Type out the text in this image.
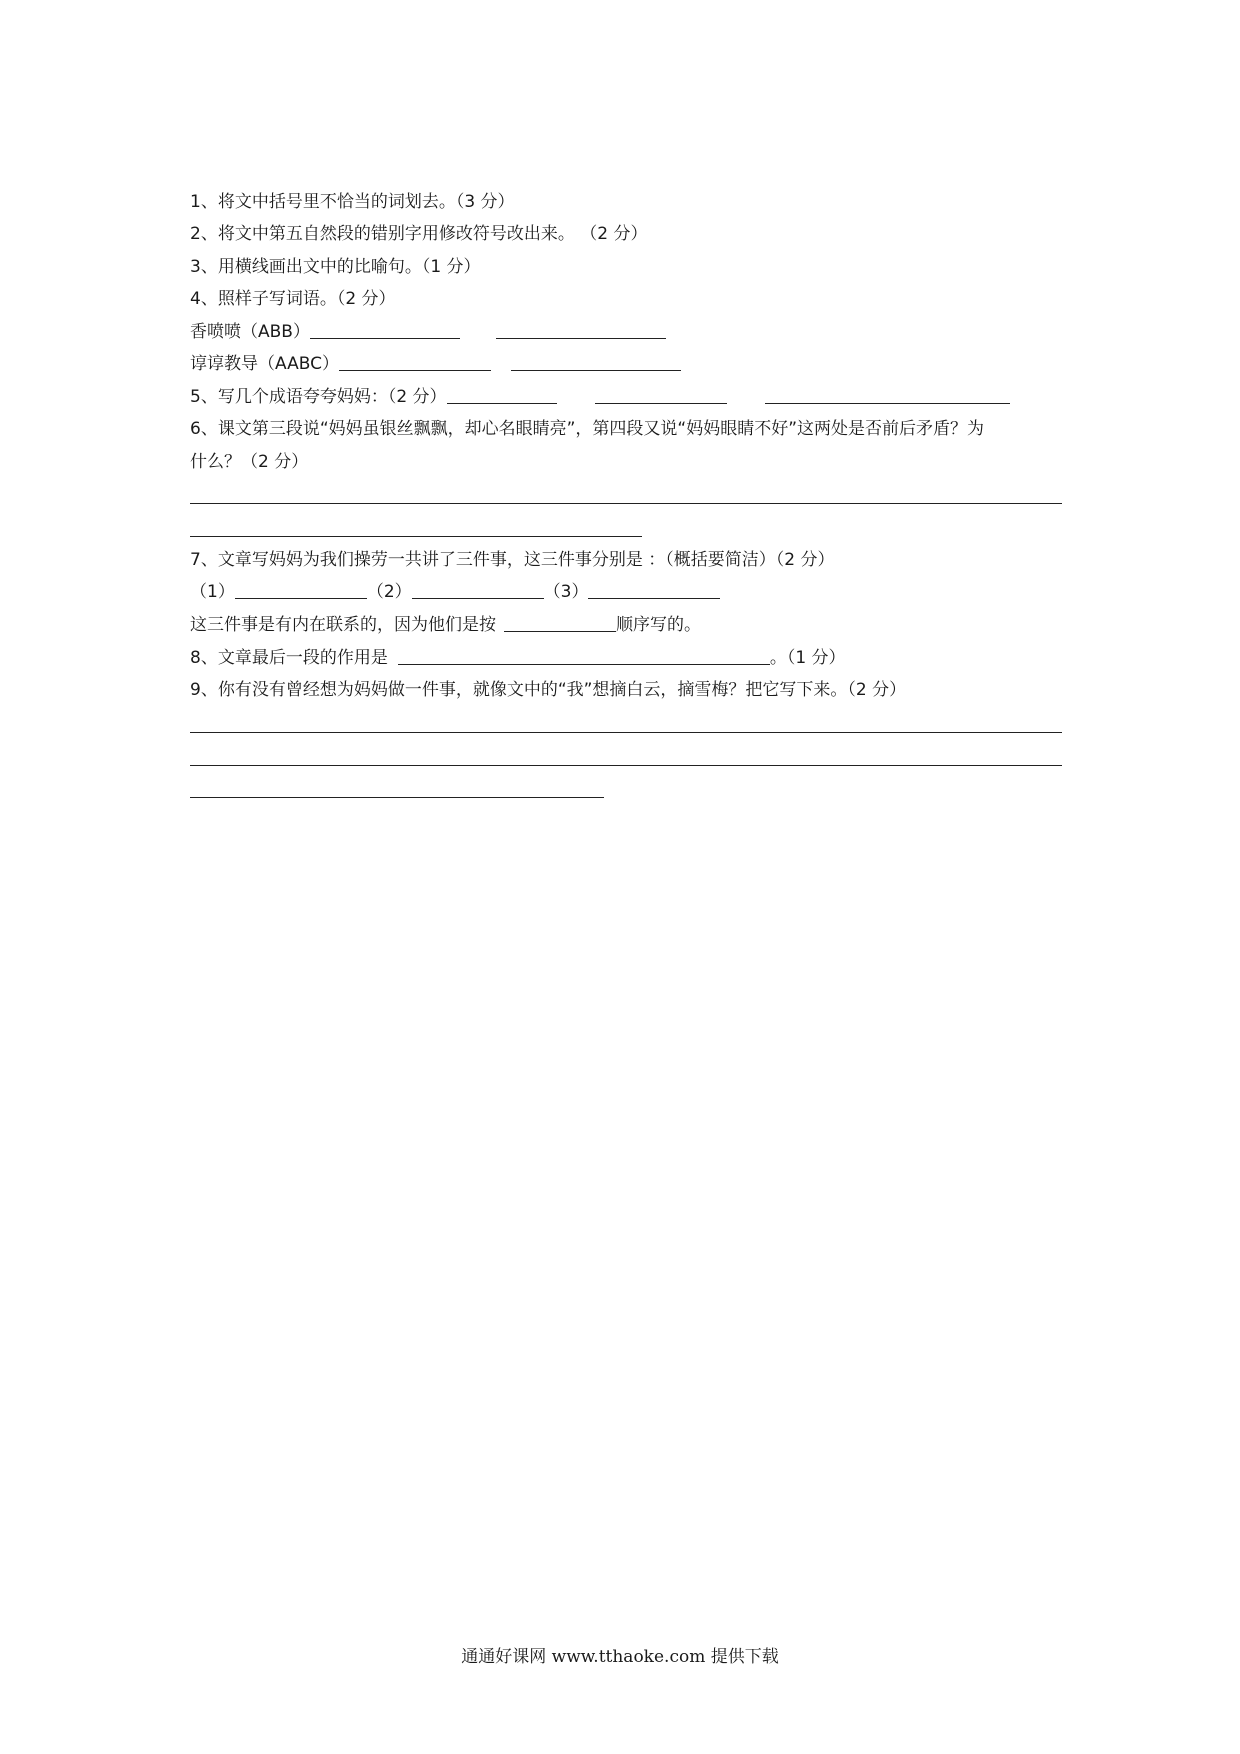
1、将文中括号里不恰当的词划去。（3 分）
2、将文中第五自然段的错别字用修改符号改出来。 （2 分）
3、用横线画出文中的比喻句。（1 分）
4、照样子写词语。（2 分）
香喷喷（ABB）
谆谆教导（AABC）
5、写几个成语夸夸妈妈：（2 分）
6、课文第三段说“妈妈虽银丝飘飘，却心名眼睛亮”，第四段又说“妈妈眼睛不好”这两处是否前后矛盾？为
什么？（2 分）
7、文章写妈妈为我们操劳一共讲了三件事，这三件事分别是 ：（概括要简洁）（2 分）
（1）	（2）	（3）
这三件事是有内在联系的，因为他们是按	顺序写的。
8、文章最后一段的作用是	。（1 分）
9、你有没有曾经想为妈妈做一件事，就像文中的“我”想摘白云，摘雪梅？把它写下来。（2 分）
通通好课网 www.tthaoke.com 提供下载
